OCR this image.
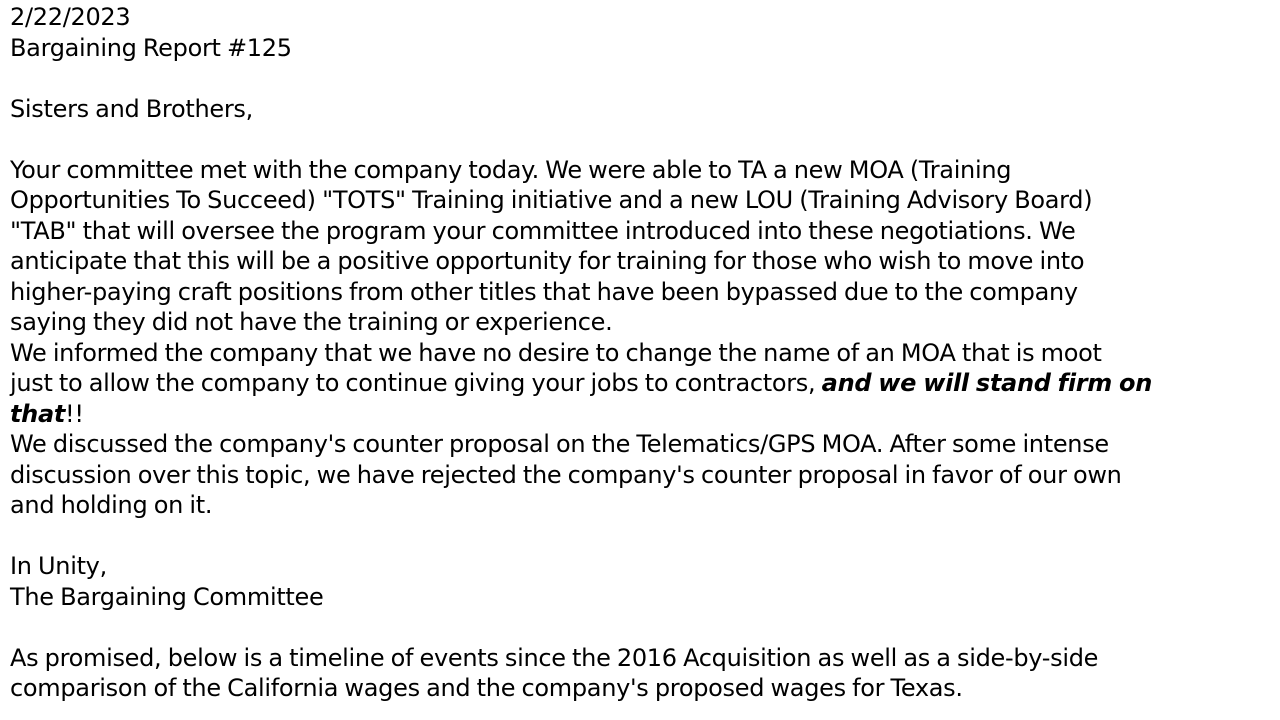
2/22/2023
Bargaining Report #125
Sisters and Brothers,
Your committee met with the company today. We were able to TA a new MOA (Training
Opportunities To Succeed) "TOTS" Training initiative and a new LOU (Training Advisory Board)
"TAB" that will oversee the program your committee introduced into these negotiations. We
anticipate that this will be a positive opportunity for training for those who wish to move into
higher-paying craft positions from other titles that have been bypassed due to the company
saying they did not have the training or experience.
We informed the company that we have no desire to change the name of an MOA that is moot
just to allow the company to continue giving your jobs to contractors, and we will stand firm on
that!!
We discussed the company's counter proposal on the Telematics/GPS MOA. After some intense
discussion over this topic, we have rejected the company's counter proposal in favor of our own
and holding on it.
In Unity,
The Bargaining Committee
As promised, below is a timeline of events since the 2016 Acquisition as well as a side-by-side
comparison of the California wages and the company's proposed wages for Texas.
